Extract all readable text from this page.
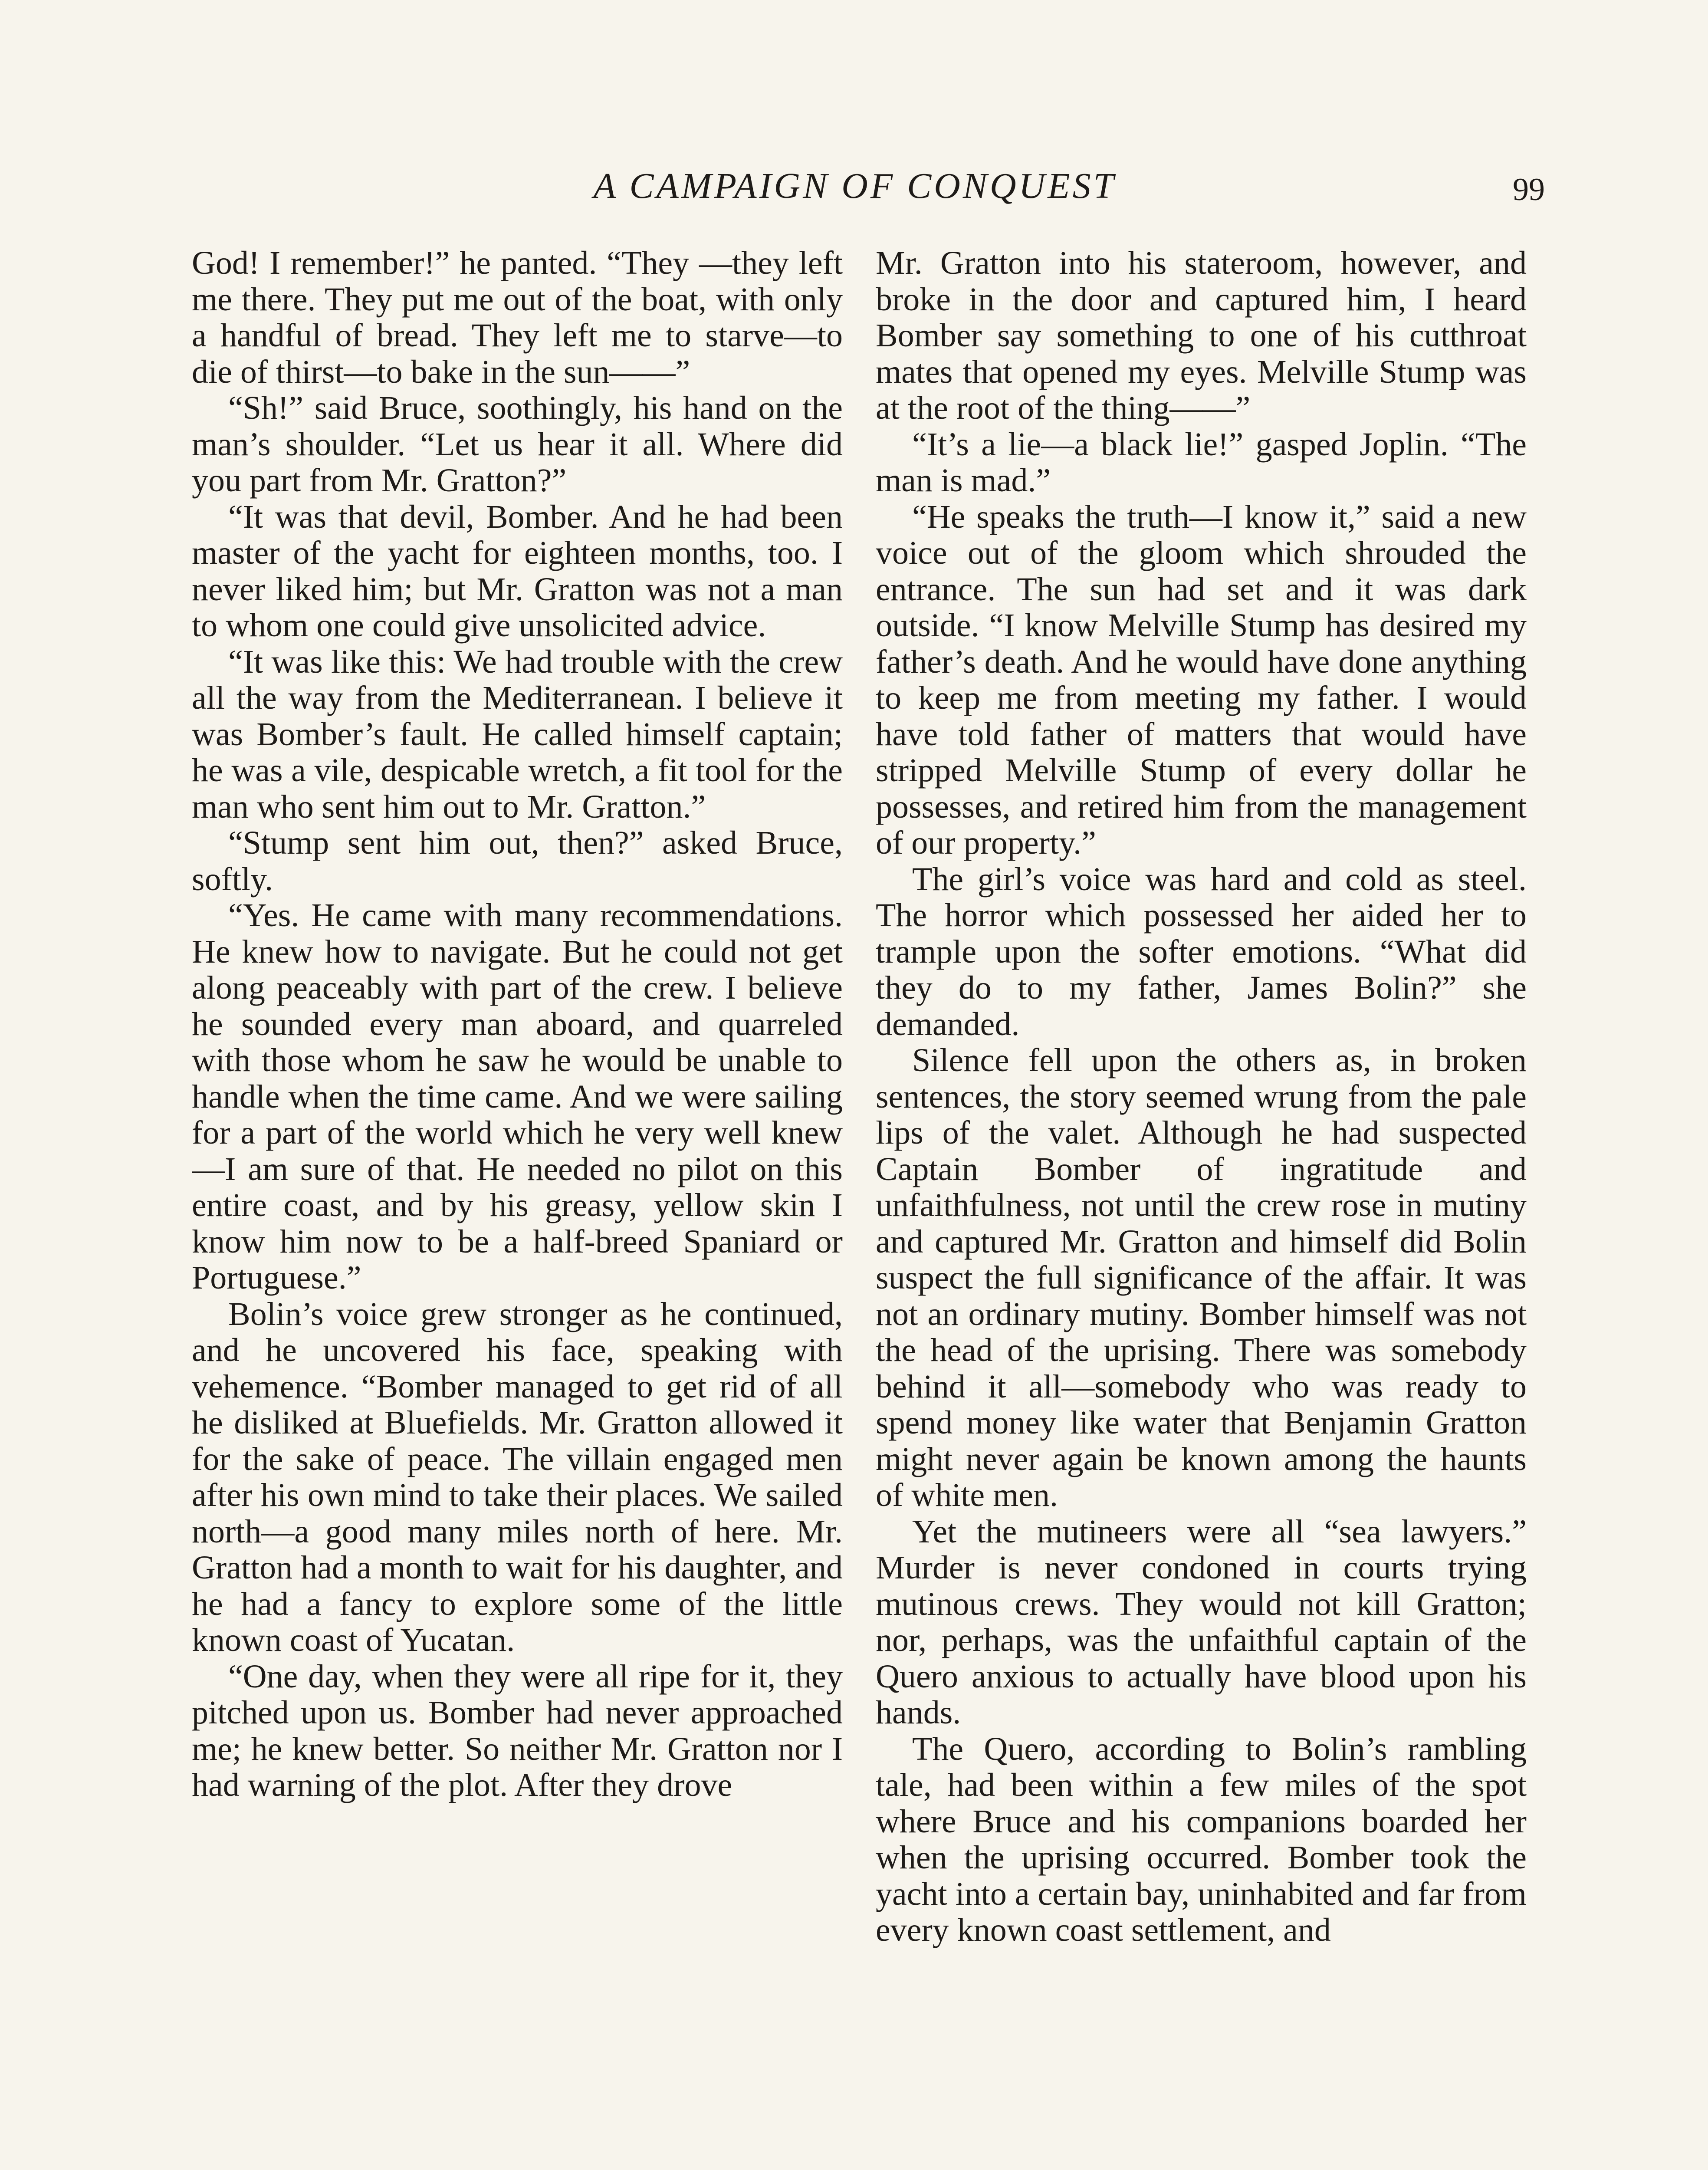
A CAMPAIGN OF CONQUEST	99

God! I remember!” he panted. “They —they left me there. They put me out of the boat, with only a handful of bread. They left me to starve—to die of thirst—to bake in the sun——”

“Sh!” said Bruce, soothingly, his hand on the man’s shoulder. “Let us hear it all. Where did you part from Mr. Gratton?”

“It was that devil, Bomber. And he had been master of the yacht for eighteen months, too. I never liked him; but Mr. Gratton was not a man to whom one could give unsolicited advice.

“It was like this: We had trouble with the crew all the way from the Mediterranean. I believe it was Bomber’s fault. He called himself captain; he was a vile, despicable wretch, a fit tool for the man who sent him out to Mr. Gratton.”

“Stump sent him out, then?” asked Bruce, softly.

“Yes. He came with many recommendations. He knew how to navigate. But he could not get along peaceably with part of the crew. I believe he sounded every man aboard, and quarreled with those whom he saw he would be unable to handle when the time came. And we were sailing for a part of the world which he very well knew—I am sure of that. He needed no pilot on this entire coast, and by his greasy, yellow skin I know him now to be a half-breed Spaniard or Portuguese.”

Bolin’s voice grew stronger as he continued, and he uncovered his face, speaking with vehemence. “Bomber managed to get rid of all he disliked at Bluefields. Mr. Gratton allowed it for the sake of peace. The villain engaged men after his own mind to take their places. We sailed north—a good many miles north of here. Mr. Gratton had a month to wait for his daughter, and he had a fancy to explore some of the little known coast of Yucatan.

“One day, when they were all ripe for it, they pitched upon us. Bomber had never approached me; he knew better. So neither Mr. Gratton nor I had warning of the plot. After they drove

Mr. Gratton into his stateroom, however, and broke in the door and captured him, I heard Bomber say something to one of his cutthroat mates that opened my eyes. Melville Stump was at the root of the thing——”

“It’s a lie—a black lie!” gasped Joplin. “The man is mad.”

“He speaks the truth—I know it,” said a new voice out of the gloom which shrouded the entrance. The sun had set and it was dark outside. “I know Melville Stump has desired my father’s death. And he would have done anything to keep me from meeting my father. I would have told father of matters that would have stripped Melville Stump of every dollar he possesses, and retired him from the management of our property.”

The girl’s voice was hard and cold as steel. The horror which possessed her aided her to trample upon the softer emotions. “What did they do to my father, James Bolin?” she demanded.

Silence fell upon the others as, in broken sentences, the story seemed wrung from the pale lips of the valet. Although he had suspected Captain Bomber of ingratitude and unfaithfulness, not until the crew rose in mutiny and captured Mr. Gratton and himself did Bolin suspect the full significance of the affair. It was not an ordinary mutiny. Bomber himself was not the head of the uprising. There was somebody behind it all—somebody who was ready to spend money like water that Benjamin Gratton might never again be known among the haunts of white men.

Yet the mutineers were all “sea lawyers.” Murder is never condoned in courts trying mutinous crews. They would not kill Gratton; nor, perhaps, was the unfaithful captain of the Quero anxious to actually have blood upon his hands.

The Quero, according to Bolin’s rambling tale, had been within a few miles of the spot where Bruce and his companions boarded her when the uprising occurred. Bomber took the yacht into a certain bay, uninhabited and far from every known coast settlement, and
